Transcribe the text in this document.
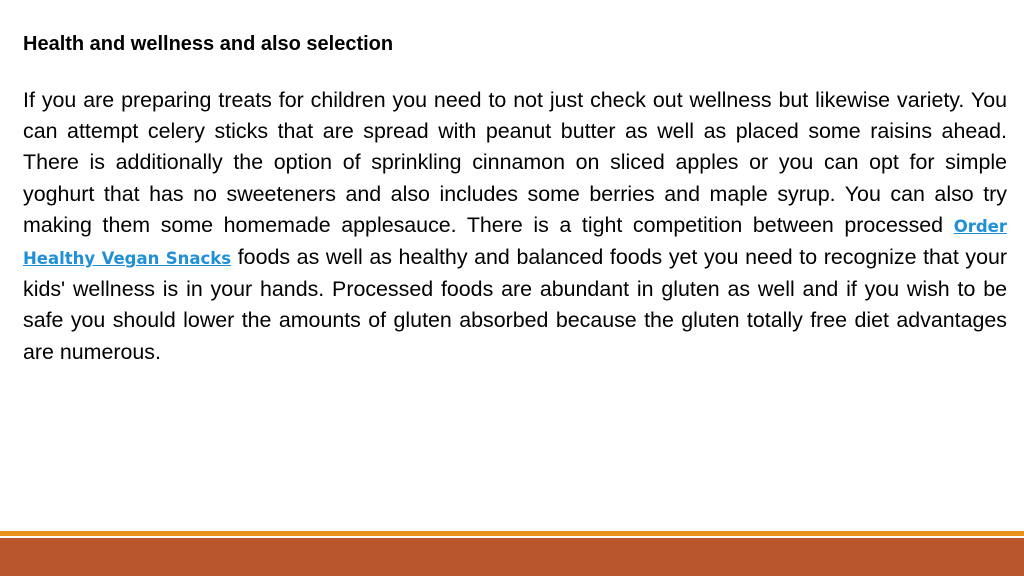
Health and wellness and also selection

If you are preparing treats for children you need to not just check out wellness but likewise variety. You can attempt celery sticks that are spread with peanut butter as well as placed some raisins ahead. There is additionally the option of sprinkling cinnamon on sliced apples or you can opt for simple yoghurt that has no sweeteners and also includes some berries and maple syrup. You can also try making them some homemade applesauce. There is a tight competition between processed Order Healthy Vegan Snacks foods as well as healthy and balanced foods yet you need to recognize that your kids' wellness is in your hands. Processed foods are abundant in gluten as well and if you wish to be safe you should lower the amounts of gluten absorbed because the gluten totally free diet advantages are numerous.
